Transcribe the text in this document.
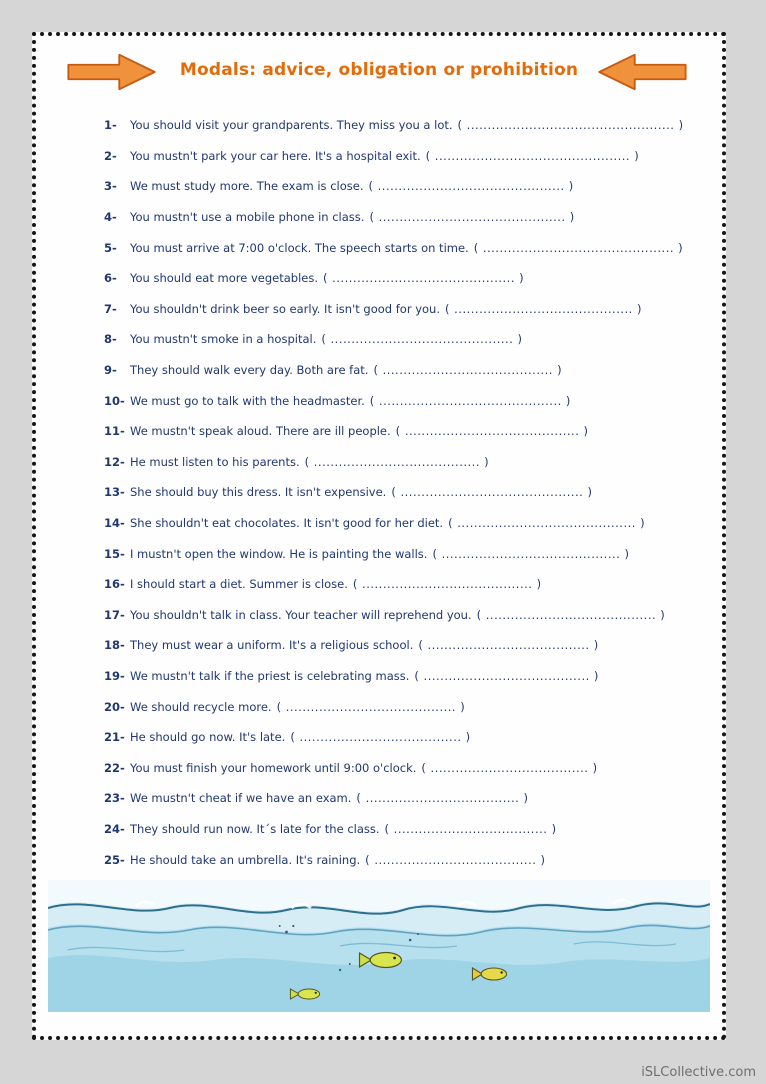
Modals: advice, obligation or prohibition
1-	You should visit your grandparents. They miss you a lot. ( .................................................. )
2-	You mustn't park your car here. It's a hospital exit. ( ............................................... )
3-	We must study more. The exam is close. ( ............................................. )
4-	You mustn't use a mobile phone in class. ( ............................................. )
5-	You must arrive at 7:00 o'clock. The speech starts on time. ( .............................................. )
6-	You should eat more vegetables. ( ............................................ )
7-	You shouldn't drink beer so early. It isn't good for you. ( ........................................... )
8-	You mustn't smoke in a hospital. ( ............................................ )
9-	They should walk every day. Both are fat. ( ......................................... )
10- We must go to talk with the headmaster. ( ............................................ )
11- We mustn't speak aloud. There are ill people. ( .......................................... )
12- He must listen to his parents. ( ........................................ )
13- She should buy this dress. It isn't expensive. ( ............................................ )
14- She shouldn't eat chocolates. It isn't good for her diet. ( ........................................... )
15- I mustn't open the window. He is painting the walls. ( ........................................... )
16- I should start a diet. Summer is close. ( ......................................... )
17- You shouldn't talk in class. Your teacher will reprehend you. ( ......................................... )
18- They must wear a uniform. It's a religious school. ( ....................................... )
19- We mustn't talk if the priest is celebrating mass. ( ........................................ )
20- We should recycle more. ( ......................................... )
21- He should go now. It's late. ( ....................................... )
22- You must finish your homework until 9:00 o'clock. ( ...................................... )
23- We mustn't cheat if we have an exam. ( ..................................... )
24- They should run now. It´s late for the class. ( ..................................... )
25- He should take an umbrella. It's raining. ( ....................................... )
iSLCollective.com
